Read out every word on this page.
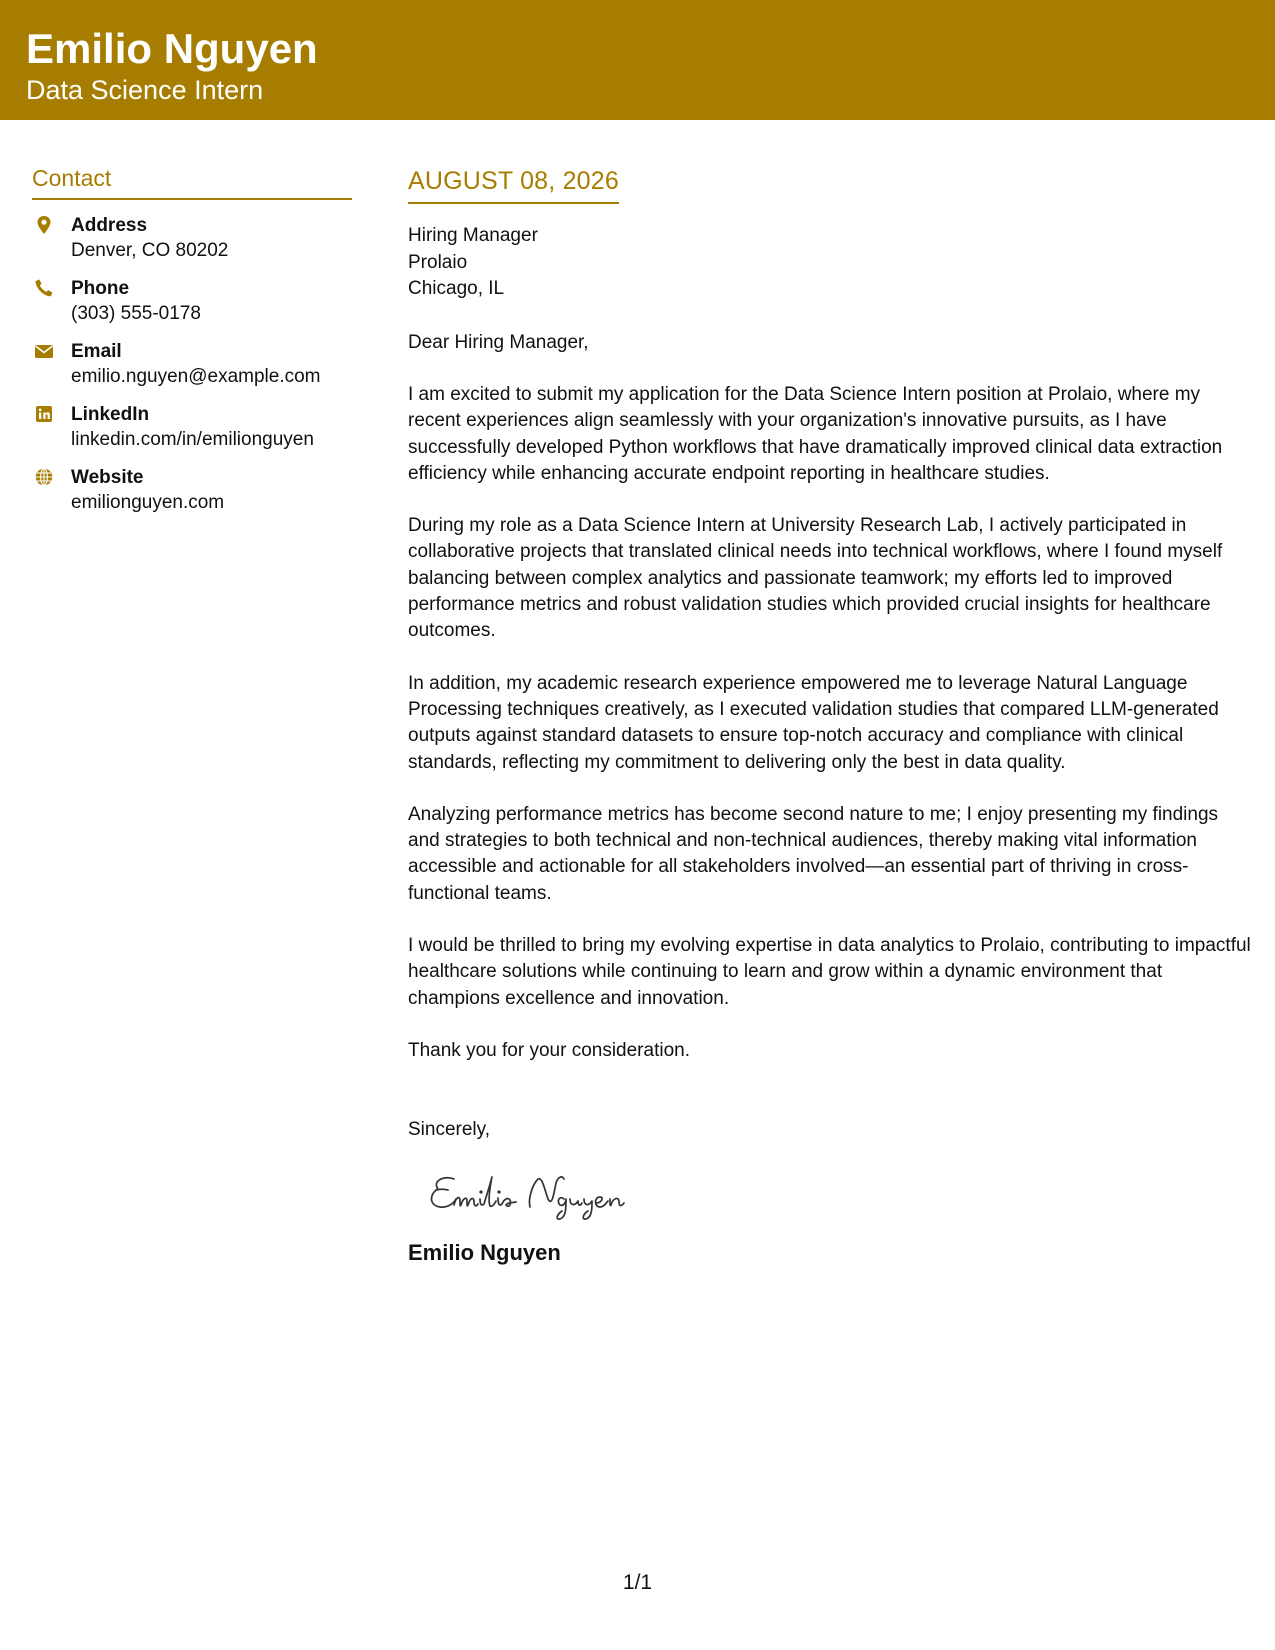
Emilio Nguyen
Data Science Intern
Contact
Address
Denver, CO 80202
Phone
(303) 555-0178
Email
emilio.nguyen@example.com
LinkedIn
linkedin.com/in/emilionguyen
Website
emilionguyen.com
AUGUST 08, 2026
Hiring Manager
Prolaio
Chicago, IL
Dear Hiring Manager,

I am excited to submit my application for the Data Science Intern position at Prolaio, where my recent experiences align seamlessly with your organization's innovative pursuits, as I have successfully developed Python workflows that have dramatically improved clinical data extraction efficiency while enhancing accurate endpoint reporting in healthcare studies.

During my role as a Data Science Intern at University Research Lab, I actively participated in collaborative projects that translated clinical needs into technical workflows, where I found myself balancing between complex analytics and passionate teamwork; my efforts led to improved performance metrics and robust validation studies which provided crucial insights for healthcare outcomes.

In addition, my academic research experience empowered me to leverage Natural Language Processing techniques creatively, as I executed validation studies that compared LLM-generated outputs against standard datasets to ensure top-notch accuracy and compliance with clinical standards, reflecting my commitment to delivering only the best in data quality.

Analyzing performance metrics has become second nature to me; I enjoy presenting my findings and strategies to both technical and non-technical audiences, thereby making vital information accessible and actionable for all stakeholders involved—an essential part of thriving in cross-functional teams.

I would be thrilled to bring my evolving expertise in data analytics to Prolaio, contributing to impactful healthcare solutions while continuing to learn and grow within a dynamic environment that champions excellence and innovation.

Thank you for your consideration.

Sincerely,
Emilio Nguyen
1/1
